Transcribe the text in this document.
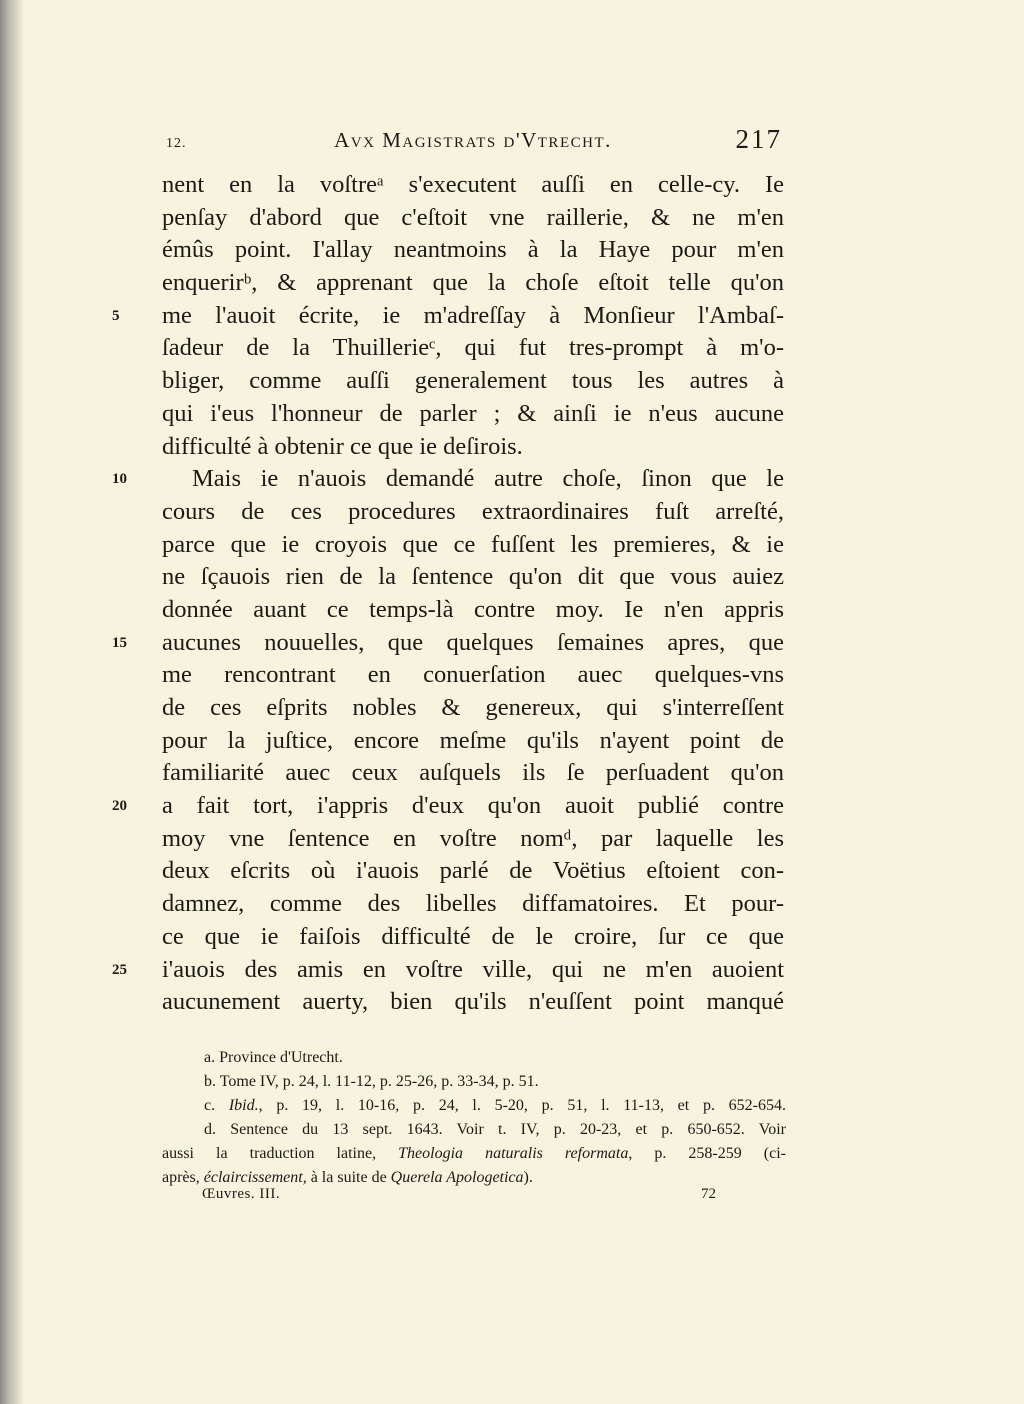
12.	Avx Magistrats d'Vtrecht.	217
nent en la voſtreᵃ s'executent auſſi en celle-cy. Ie
penſay d'abord que c'eſtoit vne raillerie, & ne m'en
émûs point. I'allay neantmoins à la Haye pour m'en
enquerirᵇ, & apprenant que la choſe eſtoit telle qu'on
5	me l'auoit écrite, ie m'adreſſay à Monſieur l'Ambaſ-
ſadeur de la Thuillerieᶜ, qui fut tres-prompt à m'o-
bliger, comme auſſi generalement tous les autres à
qui i'eus l'honneur de parler ; & ainſi ie n'eus aucune
difficulté à obtenir ce que ie deſirois.
10	Mais ie n'auois demandé autre choſe, ſinon que le
cours de ces procedures extraordinaires fuſt arreſté,
parce que ie croyois que ce fuſſent les premieres, & ie
ne ſçauois rien de la ſentence qu'on dit que vous auiez
donnée auant ce temps-là contre moy. Ie n'en appris
15	aucunes nouuelles, que quelques ſemaines apres, que
me rencontrant en conuerſation auec quelques-vns
de ces eſprits nobles & genereux, qui s'interreſſent
pour la juſtice, encore meſme qu'ils n'ayent point de
familiarité auec ceux auſquels ils ſe perſuadent qu'on
20	a fait tort, i'appris d'eux qu'on auoit publié contre
moy vne ſentence en voſtre nomᵈ, par laquelle les
deux eſcrits où i'auois parlé de Voëtius eſtoient con-
damnez, comme des libelles diffamatoires. Et pour-
ce que ie faiſois difficulté de le croire, ſur ce que
25	i'auois des amis en voſtre ville, qui ne m'en auoient
aucunement auerty, bien qu'ils n'euſſent point manqué
a. Province d'Utrecht.
b. Tome IV, p. 24, l. 11-12, p. 25-26, p. 33-34, p. 51.
c. Ibid., p. 19, l. 10-16, p. 24, l. 5-20, p. 51, l. 11-13, et p. 652-654.
d. Sentence du 13 sept. 1643. Voir t. IV, p. 20-23, et p. 650-652. Voir
aussi la traduction latine, Theologia naturalis reformata, p. 258-259 (ci-
après, éclaircissement, à la suite de Querela Apologetica).
Œuvres. III.	72
